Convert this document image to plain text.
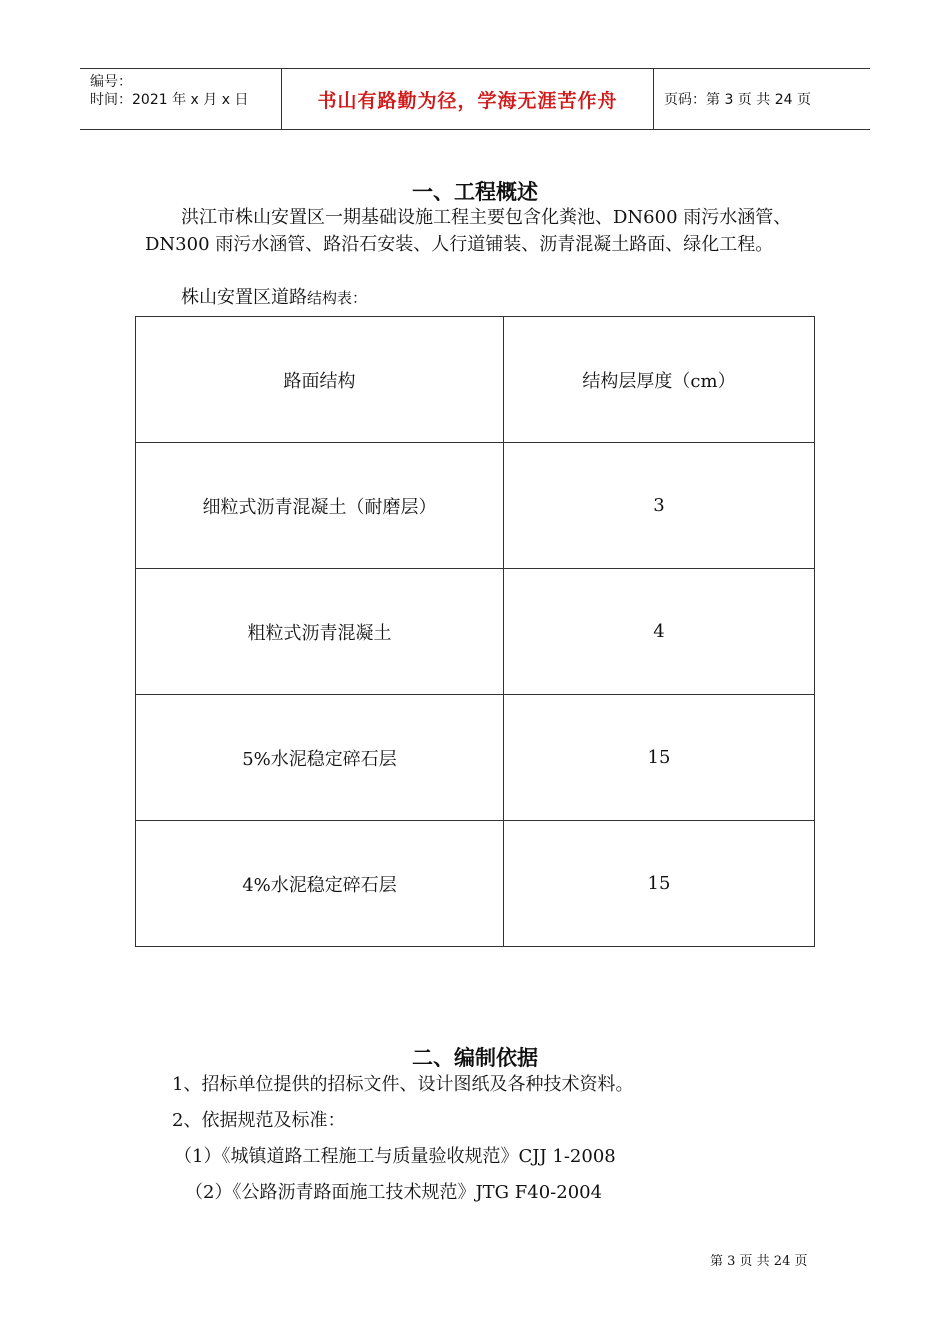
编号：
时间：2021 年 x 月 x 日	书山有路勤为径，学海无涯苦作舟	页码：第 3 页 共 24 页
一、工程概述

洪江市株山安置区一期基础设施工程主要包含化粪池、DN600 雨污水涵管、DN300 雨污水涵管、路沿石安装、人行道铺装、沥青混凝土路面、绿化工程。

株山安置区道路结构表：

路面结构	结构层厚度（cm）
细粒式沥青混凝土（耐磨层）	3
粗粒式沥青混凝土	4
5%水泥稳定碎石层	15
4%水泥稳定碎石层	15
二、编制依据
1、招标单位提供的招标文件、设计图纸及各种技术资料。
2、依据规范及标准：
（1）《城镇道路工程施工与质量验收规范》CJJ 1-2008
（2）《公路沥青路面施工技术规范》JTG F40-2004
第 3 页 共 24 页
